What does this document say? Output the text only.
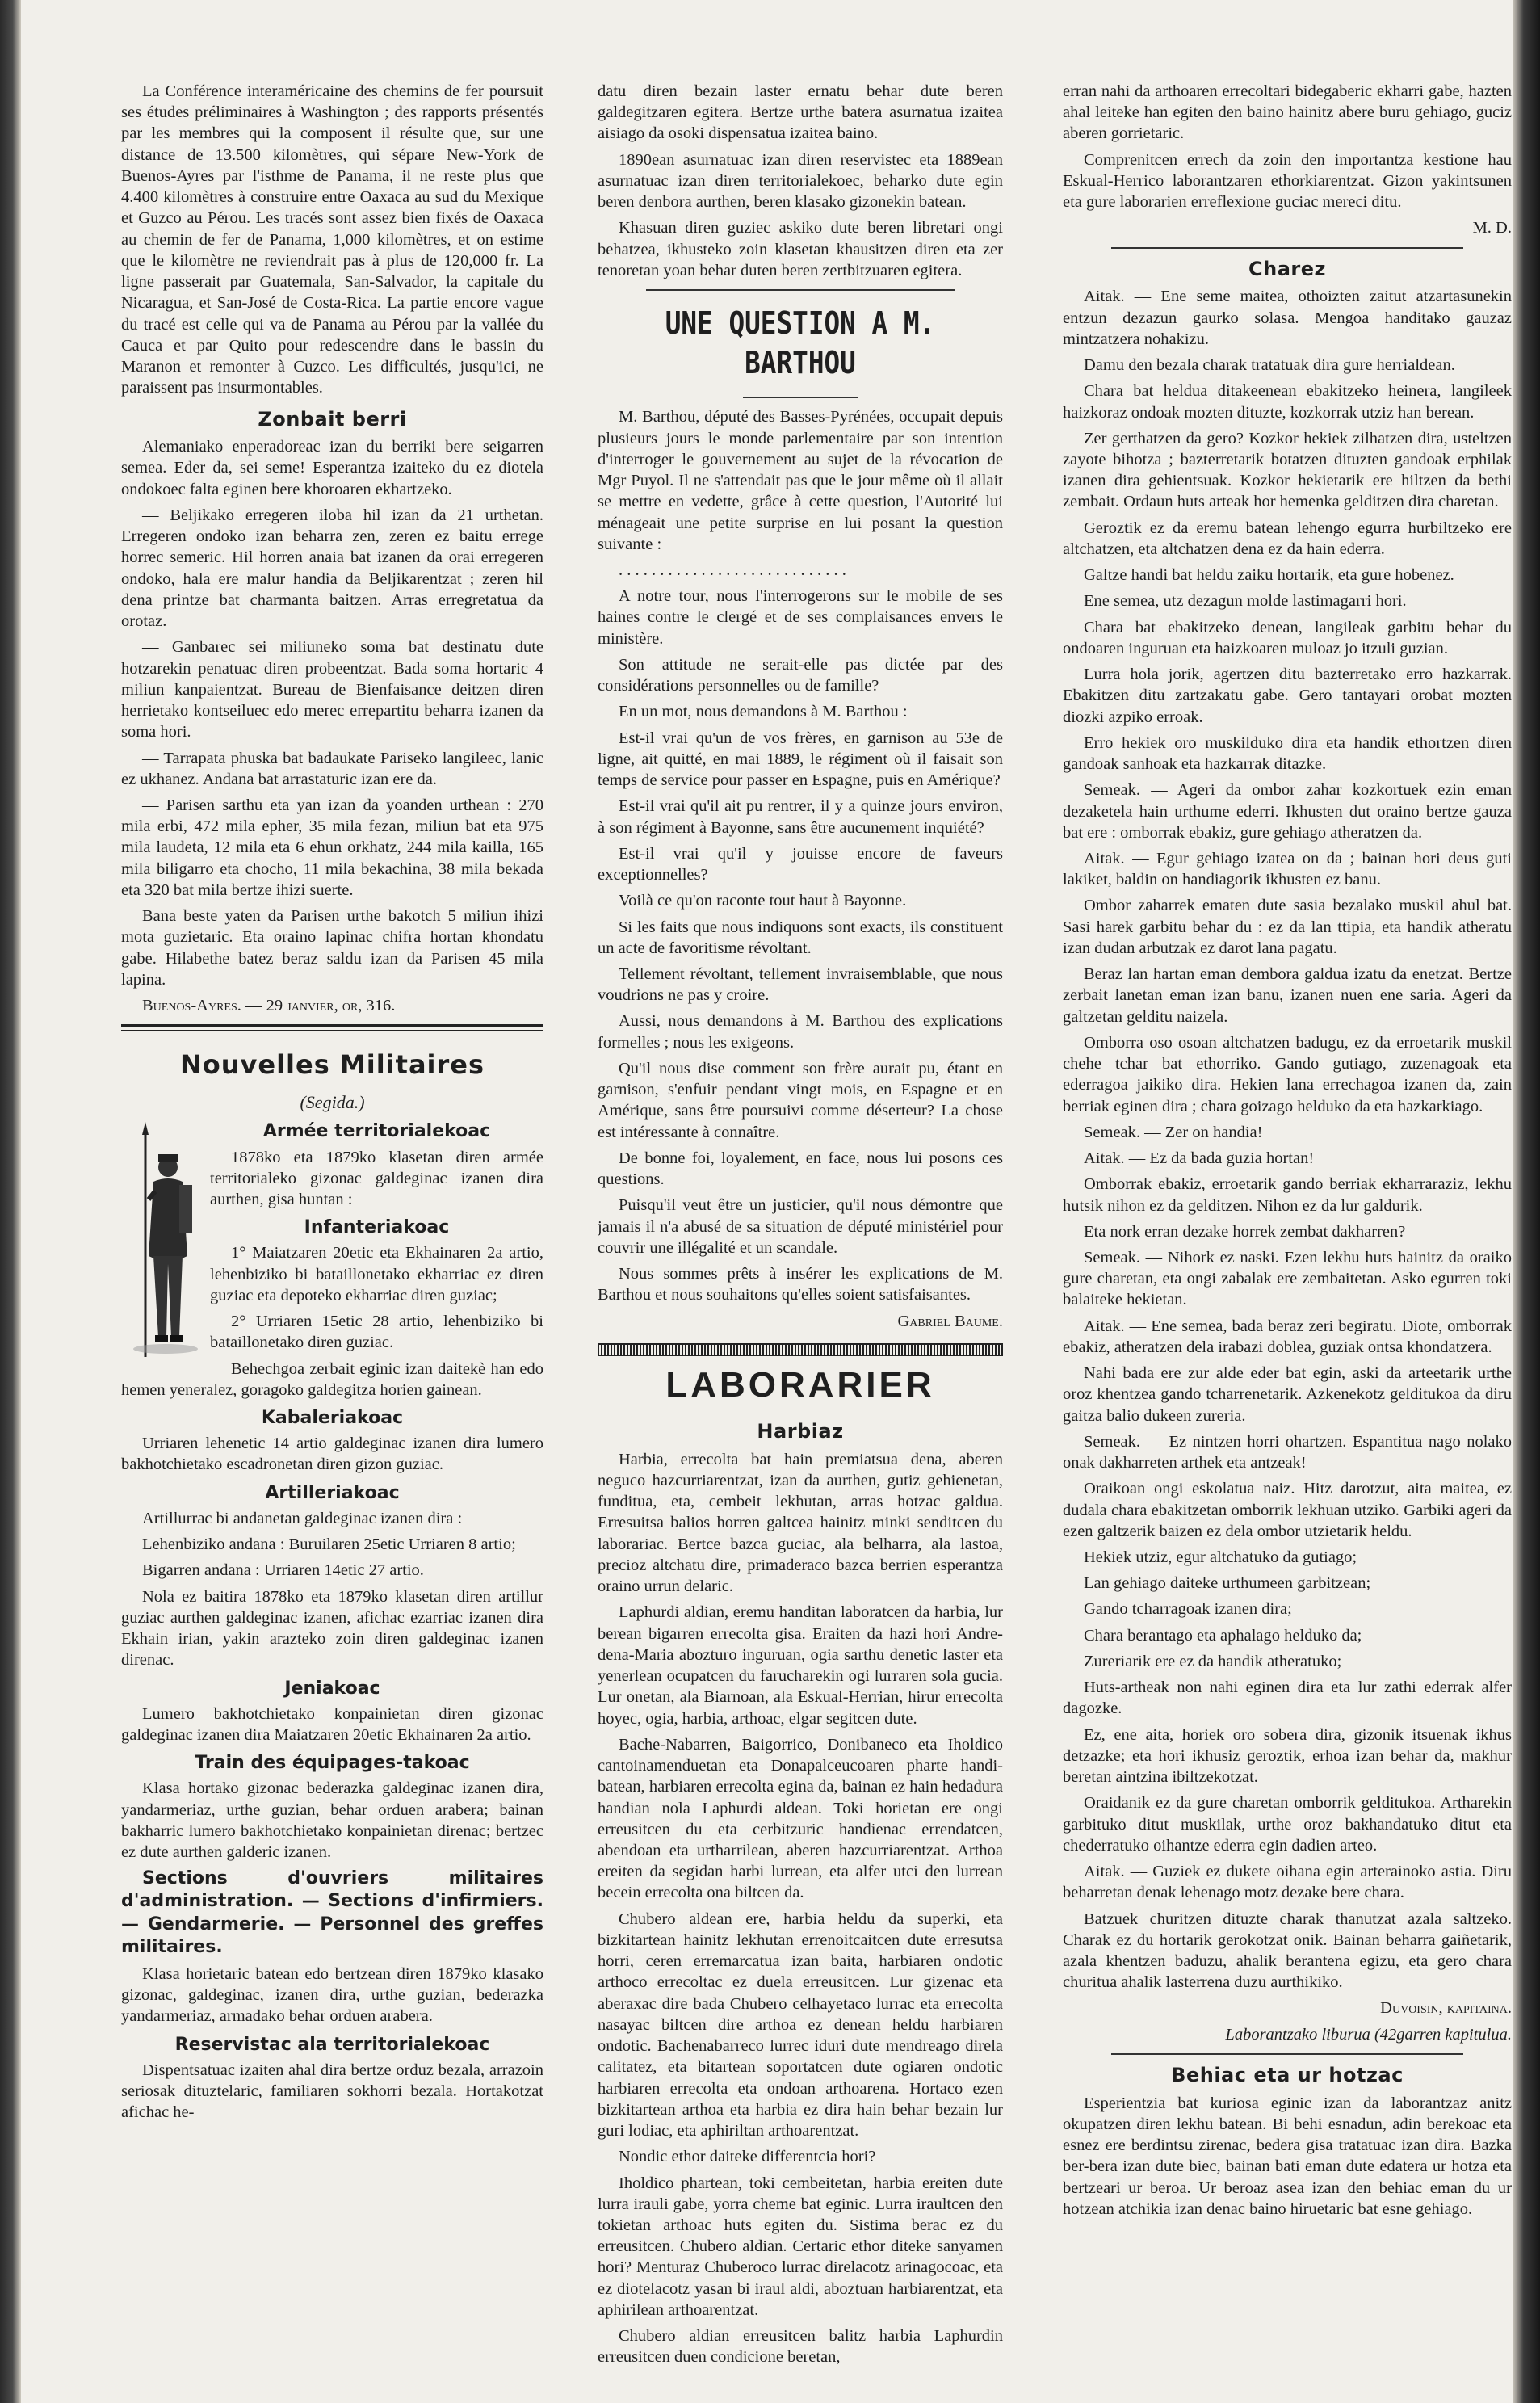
La Conférence interaméricaine des chemins de fer poursuit ses études préliminaires à Washington ; des rapports présentés par les membres qui la composent il résulte que, sur une distance de 13.500 kilomètres, qui sépare New-York de Buenos-Ayres par l'isthme de Panama, il ne reste plus que 4.400 kilomètres à construire entre Oaxaca au sud du Mexique et Guzco au Pérou. Les tracés sont assez bien fixés de Oaxaca au chemin de fer de Panama, 1,000 kilomètres, et on estime que le kilomètre ne reviendrait pas à plus de 120,000 fr. La ligne passerait par Guatemala, San-Salvador, la capitale du Nicaragua, et San-José de Costa-Rica. La partie encore vague du tracé est celle qui va de Panama au Pérou par la vallée du Cauca et par Quito pour redescendre dans le bassin du Maranon et remonter à Cuzco. Les difficultés, jusqu'ici, ne paraissent pas insurmontables.

Zonbait berri

Alemaniako enperadoreac izan du berriki bere seigarren semea. Eder da, sei seme! Esperantza izaiteko du ez diotela ondokoec falta eginen bere khoroaren ekhartzeko.

— Beljikako erregeren iloba hil izan da 21 urthetan. Erregeren ondoko izan beharra zen, zeren ez baitu errege horrec semeric. Hil horren anaia bat izanen da orai erregeren ondoko, hala ere malur handia da Beljikarentzat ; zeren hil dena printze bat charmanta baitzen. Arras erregretatua da orotaz.

— Ganbarec sei miliuneko soma bat destinatu dute hotzarekin penatuac diren probeentzat. Bada soma hortaric 4 miliun kanpaientzat. Bureau de Bienfaisance deitzen diren herrietako kontseiluec edo merec errepartitu beharra izanen da soma hori.

— Tarrapata phuska bat badaukate Pariseko langileec, lanic ez ukhanez. Andana bat arrastaturic izan ere da.

— Parisen sarthu eta yan izan da yoanden urthean : 270 mila erbi, 472 mila epher, 35 mila fezan, miliun bat eta 975 mila laudeta, 12 mila eta 6 ehun orkhatz, 244 mila kailla, 165 mila biligarro eta chocho, 11 mila bekachina, 38 mila bekada eta 320 bat mila bertze ihizi suerte.

Bana beste yaten da Parisen urthe bakotch 5 miliun ihizi mota guzietaric. Eta oraino lapinac chifra hortan khondatu gabe. Hilabethe batez beraz saldu izan da Parisen 45 mila lapina.

Buenos-Ayres. — 29 janvier, or, 316.

Nouvelles Militaires
(Segida.)
Armée territorialekoac

1878ko eta 1879ko klasetan diren armée territorialeko gizonac galdeginac izanen dira aurthen, gisa huntan :

Infanteriakoac

1° Maiatzaren 20etic eta Ekhainaren 2a artio, lehenbiziko bi bataillonetako ekharriac ez diren guziac eta depoteko ekharriac diren guziac;

2° Urriaren 15etic 28 artio, lehenbiziko bi bataillonetako diren guziac.

Behechgoa zerbait eginic izan daitekè han edo hemen yeneralez, goragoko galdegitza horien gainean.

Kabaleriakoac

Urriaren lehenetic 14 artio galdeginac izanen dira lumero bakhotchietako escadronetan diren gizon guziac.

Artilleriakoac

Artillurrac bi andanetan galdeginac izanen dira :

Lehenbiziko andana : Buruilaren 25etic Urriaren 8 artio;

Bigarren andana : Urriaren 14etic 27 artio.

Nola ez baitira 1878ko eta 1879ko klasetan diren artillur guziac aurthen galdeginac izanen, afichac ezarriac izanen dira Ekhain irian, yakin arazteko zoin diren galdeginac izanen direnac.

Jeniakoac

Lumero bakhotchietako konpainietan diren gizonac galdeginac izanen dira Maiatzaren 20etic Ekhainaren 2a artio.

Train des équipages-takoac

Klasa hortako gizonac bederazka galdeginac izanen dira, yandarmeriaz, urthe guzian, behar orduen arabera; bainan bakharric lumero bakhotchietako konpainietan direnac; bertzec ez dute aurthen galderic izanen.

Sections d'ouvriers militaires d'administration. — Sections d'infirmiers. — Gendarmerie. — Personnel des greffes militaires.

Klasa horietaric batean edo bertzean diren 1879ko klasako gizonac, galdeginac, izanen dira, urthe guzian, bederazka yandarmeriaz, armadako behar orduen arabera.

Reservistac ala territorialekoac

Dispentsatuac izaiten ahal dira bertze orduz bezala, arrazoin seriosak dituztelaric, familiaren sokhorri bezala. Hortakotzat afichac he-

datu diren bezain laster ernatu behar dute beren galdegitzaren egitera. Bertze urthe batera asurnatua izaitea aisiago da osoki dispensatua izaitea baino.

1890ean asurnatuac izan diren reservistec eta 1889ean asurnatuac izan diren territorialekoec, beharko dute egin beren denbora aurthen, beren klasako gizonekin batean.

Khasuan diren guziec askiko dute beren libretari ongi behatzea, ikhusteko zoin klasetan khausitzen diren eta zer tenoretan yoan behar duten beren zertbitzuaren egitera.

UNE QUESTION A M. BARTHOU

M. Barthou, député des Basses-Pyrénées, occupait depuis plusieurs jours le monde parlementaire par son intention d'interroger le gouvernement au sujet de la révocation de Mgr Puyol. Il ne s'attendait pas que le jour même où il allait se mettre en vedette, grâce à cette question, l'Autorité lui ménageait une petite surprise en lui posant la question suivante :

. . . . . . . . . . . . . . . . . . . . . . . . . . . .

A notre tour, nous l'interrogerons sur le mobile de ses haines contre le clergé et de ses complaisances envers le ministère.

Son attitude ne serait-elle pas dictée par des considérations personnelles ou de famille?

En un mot, nous demandons à M. Barthou :

Est-il vrai qu'un de vos frères, en garnison au 53e de ligne, ait quitté, en mai 1889, le régiment où il faisait son temps de service pour passer en Espagne, puis en Amérique?

Est-il vrai qu'il ait pu rentrer, il y a quinze jours environ, à son régiment à Bayonne, sans être aucunement inquiété?

Est-il vrai qu'il y jouisse encore de faveurs exceptionnelles?

Voilà ce qu'on raconte tout haut à Bayonne.

Si les faits que nous indiquons sont exacts, ils constituent un acte de favoritisme révoltant.

Tellement révoltant, tellement invraisemblable, que nous voudrions ne pas y croire.

Aussi, nous demandons à M. Barthou des explications formelles ; nous les exigeons.

Qu'il nous dise comment son frère aurait pu, étant en garnison, s'enfuir pendant vingt mois, en Espagne et en Amérique, sans être poursuivi comme déserteur? La chose est intéressante à connaître.

De bonne foi, loyalement, en face, nous lui posons ces questions.

Puisqu'il veut être un justicier, qu'il nous démontre que jamais il n'a abusé de sa situation de député ministériel pour couvrir une illégalité et un scandale.

Nous sommes prêts à insérer les explications de M. Barthou et nous souhaitons qu'elles soient satisfaisantes.

Gabriel Baume.

LABORARIER
Harbiaz

Harbia, errecolta bat hain premiatsua dena, aberen neguco hazcurriarentzat, izan da aurthen, gutiz gehienetan, funditua, eta, cembeit lekhutan, arras hotzac galdua. Erresuitsa balios horren galtcea hainitz minki senditcen du laborariac. Bertce bazca guciac, ala belharra, ala lastoa, precioz altchatu dire, primaderaco bazca berrien esperantza oraino urrun delaric.

Laphurdi aldian, eremu handitan laboratcen da harbia, lur berean bigarren errecolta gisa. Eraiten da hazi hori Andre-dena-Maria abozturo inguruan, ogia sarthu denetic laster eta yenerlean ocupatcen du farucharekin ogi lurraren sola gucia. Lur onetan, ala Biarnoan, ala Eskual-Herrian, hirur errecolta hoyec, ogia, harbia, arthoac, elgar segitcen dute.

Bache-Nabarren, Baigorrico, Donibaneco eta Iholdico cantoinamenduetan eta Donapalceucoaren pharte handi-batean, harbiaren errecolta egina da, bainan ez hain hedadura handian nola Laphurdi aldean. Toki horietan ere ongi erreusitcen du eta cerbitzuric handienac errendatcen, abendoan eta urtharrilean, aberen hazcurriarentzat. Arthoa ereiten da segidan harbi lurrean, eta alfer utci den lurrean becein errecolta ona biltcen da.

Chubero aldean ere, harbia heldu da superki, eta bizkitartean hainitz lekhutan errenoitcaitcen dute erresutsa horri, ceren erremarcatua izan baita, harbiaren ondotic arthoco errecoltac ez duela erreusitcen. Lur gizenac eta aberaxac dire bada Chubero celhayetaco lurrac eta errecolta nasayac biltcen dire arthoa ez denean heldu harbiaren ondotic. Bachenabarreco lurrec iduri dute mendreago direla calitatez, eta bitartean soportatcen dute ogiaren ondotic harbiaren errecolta eta ondoan arthoarena. Hortaco ezen bizkitartean arthoa eta harbia ez dira hain behar bezain lur guri lodiac, eta aphiriltan arthoarentzat.

Nondic ethor daiteke differentcia hori?

Iholdico phartean, toki cembeitetan, harbia ereiten dute lurra irauli gabe, yorra cheme bat eginic. Lurra iraultcen den tokietan arthoac huts egiten du. Sistima berac ez du erreusitcen. Chubero aldian. Certaric ethor diteke sanyamen hori? Menturaz Chuberoco lurrac direlacotz arinagocoac, eta ez diotelacotz yasan bi iraul aldi, aboztuan harbiarentzat, eta aphirilean arthoarentzat.

Chubero aldian erreusitcen balitz harbia Laphurdin erreusitcen duen condicione beretan,

erran nahi da arthoaren errecoltari bidegaberic ekharri gabe, hazten ahal leiteke han egiten den baino hainitz abere buru gehiago, guciz aberen gorrietaric.

Comprenitcen errech da zoin den importantza kestione hau Eskual-Herrico laborantzaren ethorkiarentzat. Gizon yakintsunen eta gure laborarien erreflexione guciac mereci ditu.

M. D.

Charez

Aitak. — Ene seme maitea, othoizten zaitut atzartasunekin entzun dezazun gaurko solasa. Mengoa handitako gauzaz mintzatzera nohakizu.

Damu den bezala charak tratatuak dira gure herrialdean.

Chara bat heldua ditakeenean ebakitzeko heinera, langileek haizkoraz ondoak mozten dituzte, kozkorrak utziz han berean.

Zer gerthatzen da gero? Kozkor hekiek zilhatzen dira, usteltzen zayote bihotza ; bazterretarik botatzen dituzten gandoak erphilak izanen dira gehientsuak. Kozkor hekietarik ere hiltzen da bethi zembait. Ordaun huts arteak hor hemenka gelditzen dira charetan.

Geroztik ez da eremu batean lehengo egurra hurbiltzeko ere altchatzen, eta altchatzen dena ez da hain ederra.

Galtze handi bat heldu zaiku hortarik, eta gure hobenez.

Ene semea, utz dezagun molde lastimagarri hori.

Chara bat ebakitzeko denean, langileak garbitu behar du ondoaren inguruan eta haizkoaren muloaz jo itzuli guzian.

Lurra hola jorik, agertzen ditu bazterretako erro hazkarrak. Ebakitzen ditu zartzakatu gabe. Gero tantayari orobat mozten diozki azpiko erroak.

Erro hekiek oro muskilduko dira eta handik ethortzen diren gandoak sanhoak eta hazkarrak ditazke.

Semeak. — Ageri da ombor zahar kozkortuek ezin eman dezaketela hain urthume ederri. Ikhusten dut oraino bertze gauza bat ere : omborrak ebakiz, gure gehiago atheratzen da.

Aitak. — Egur gehiago izatea on da ; bainan hori deus guti lakiket, baldin on handiagorik ikhusten ez banu.

Ombor zaharrek ematen dute sasia bezalako muskil ahul bat. Sasi harek garbitu behar du : ez da lan ttipia, eta handik atheratu izan dudan arbutzak ez darot lana pagatu.

Beraz lan hartan eman dembora galdua izatu da enetzat. Bertze zerbait lanetan eman izan banu, izanen nuen ene saria. Ageri da galtzetan gelditu naizela.

Omborra oso osoan altchatzen badugu, ez da erroetarik muskil chehe tchar bat ethorriko. Gando gutiago, zuzenagoak eta ederragoa jaikiko dira. Hekien lana errechagoa izanen da, zain berriak eginen dira ; chara goizago helduko da eta hazkarkiago.

Semeak. — Zer on handia!

Aitak. — Ez da bada guzia hortan!

Omborrak ebakiz, erroetarik gando berriak ekharraraziz, lekhu hutsik nihon ez da gelditzen. Nihon ez da lur galdurik.

Eta nork erran dezake horrek zembat dakharren?

Semeak. — Nihork ez naski. Ezen lekhu huts hainitz da oraiko gure charetan, eta ongi zabalak ere zembaitetan. Asko egurren toki balaiteke hekietan.

Aitak. — Ene semea, bada beraz zeri begiratu. Diote, omborrak ebakiz, atheratzen dela irabazi doblea, guziak ontsa khondatzera.

Nahi bada ere zur alde eder bat egin, aski da arteetarik urthe oroz khentzea gando tcharrenetarik. Azkenekotz gelditukoa da diru gaitza balio dukeen zureria.

Semeak. — Ez nintzen horri ohartzen. Espantitua nago nolako onak dakharreten arthek eta antzeak!

Oraikoan ongi eskolatua naiz. Hitz darotzut, aita maitea, ez dudala chara ebakitzetan omborrik lekhuan utziko. Garbiki ageri da ezen galtzerik baizen ez dela ombor utzietarik heldu.

Hekiek utziz, egur altchatuko da gutiago;

Lan gehiago daiteke urthumeen garbitzean;

Gando tcharragoak izanen dira;

Chara berantago eta aphalago helduko da;

Zureriarik ere ez da handik atheratuko;

Huts-artheak non nahi eginen dira eta lur zathi ederrak alfer dagozke.

Ez, ene aita, horiek oro sobera dira, gizonik itsuenak ikhus detzazke; eta hori ikhusiz geroztik, erhoa izan behar da, makhur beretan aintzina ibiltzekotzat.

Oraidanik ez da gure charetan omborrik gelditukoa. Artharekin garbituko ditut muskilak, urthe oroz bakhandatuko ditut eta chederratuko oihantze ederra egin dadien arteo.

Aitak. — Guziek ez dukete oihana egin arterainoko astia. Diru beharretan denak lehenago motz dezake bere chara.

Batzuek churitzen dituzte charak thanutzat azala saltzeko. Charak ez du hortarik gerokotzat onik. Bainan beharra gaiñetarik, azala khentzen baduzu, ahalik berantena egizu, eta gero chara churitua ahalik lasterrena duzu aurthikiko.

Duvoisin, kapitaina.

Laborantzako liburua (42garren kapitulua.

Behiac eta ur hotzac

Esperientzia bat kuriosa eginic izan da laborantzaz anitz okupatzen diren lekhu batean. Bi behi esnadun, adin berekoac eta esnez ere berdintsu zirenac, bedera gisa tratatuac izan dira. Bazka ber-bera izan dute biec, bainan bati eman dute edatera ur hotza eta bertzeari ur beroa. Ur beroaz asea izan den behiac eman du ur hotzean atchikia izan denac baino hiruetaric bat esne gehiago.
